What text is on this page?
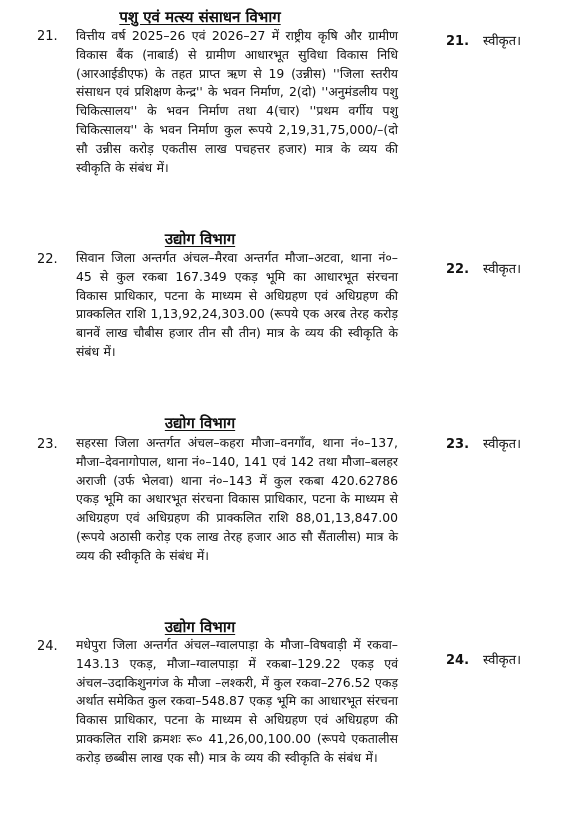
पशु एवं मत्स्य संसाधन विभाग
21. वित्तीय वर्ष 2025–26 एवं 2026–27 में राष्ट्रीय कृषि और ग्रामीण विकास बैंक (नाबार्ड) से ग्रामीण आधारभूत सुविधा विकास निधि (आरआईडीएफ) के तहत प्राप्त ऋण से 19 (उन्नीस) ''जिला स्तरीय संसाधन एवं प्रशिक्षण केन्द्र'' के भवन निर्माण, 2(दो) ''अनुमंडलीय पशु चिकित्सालय'' के भवन निर्माण तथा 4(चार) ''प्रथम वर्गीय पशु चिकित्सालय'' के भवन निर्माण कुल रूपये 2,19,31,75,000/–(दो सौ उन्नीस करोड़ एकतीस लाख पचहत्तर हजार) मात्र के व्यय की स्वीकृति के संबंध में।
21. स्वीकृत।
उद्योग विभाग
22. सिवान जिला अन्तर्गत अंचल–मैरवा अन्तर्गत मौजा–अटवा, थाना नं०–45 से कुल रकबा 167.349 एकड़ भूमि का आधारभूत संरचना विकास प्राधिकार, पटना के माध्यम से अधिग्रहण एवं अधिग्रहण की प्राक्कलित राशि 1,13,92,24,303.00 (रूपये एक अरब तेरह करोड़ बानवें लाख चौबीस हजार तीन सौ तीन) मात्र के व्यय की स्वीकृति के संबंध में।
22. स्वीकृत।
उद्योग विभाग
23. सहरसा जिला अन्तर्गत अंचल–कहरा मौजा–वनगाँव, थाना नं०–137, मौजा–देवनागोपाल, थाना नं०–140, 141 एवं 142 तथा मौजा–बलहर अराजी (उर्फ भेलवा) थाना नं०–143 में कुल रकबा 420.62786 एकड़ भूमि का अधारभूत संरचना विकास प्राधिकार, पटना के माध्यम से अधिग्रहण एवं अधिग्रहण की प्राक्कलित राशि 88,01,13,847.00 (रूपये अठासी करोड़ एक लाख तेरह हजार आठ सौ सैंतालीस) मात्र के व्यय की स्वीकृति के संबंध में।
23. स्वीकृत।
उद्योग विभाग
24. मधेपुरा जिला अन्तर्गत अंचल–ग्वालपाड़ा के मौजा–विषवाड़ी में रकवा–143.13 एकड़, मौजा–ग्वालपाड़ा में रकबा–129.22 एकड़ एवं अंचल–उदाकिशुनगंज के मौजा –लश्करी, में कुल रकवा–276.52 एकड़ अर्थात समेकित कुल रकवा–548.87 एकड़ भूमि का आधारभूत संरचना विकास प्राधिकार, पटना के माध्यम से अधिग्रहण एवं अधिग्रहण की प्राक्कलित राशि क्रमशः रू० 41,26,00,100.00 (रूपये एकतालीस करोड़ छब्बीस लाख एक सौ) मात्र के व्यय की स्वीकृति के संबंध में।
24. स्वीकृत।
